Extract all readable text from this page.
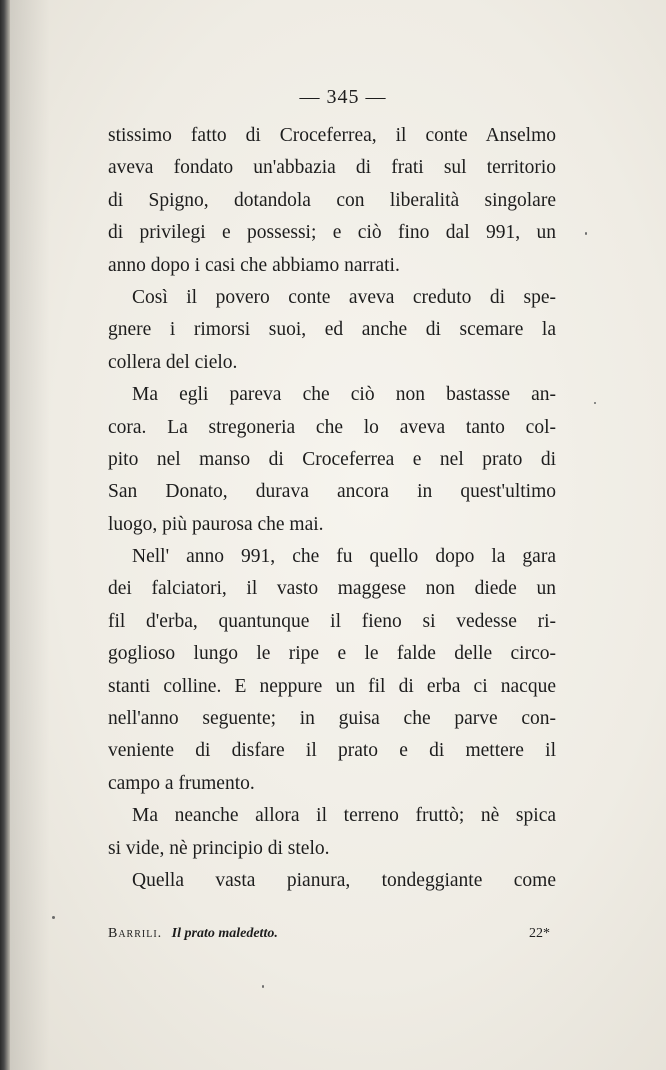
— 345 —
stissimo fatto di Croceferrea, il conte Anselmo
aveva fondato un'abbazia di frati sul territorio
di Spigno, dotandola con liberalità singolare
di privilegi e possessi; e ciò fino dal 991, un
anno dopo i casi che abbiamo narrati.
Così il povero conte aveva creduto di spe-
gnere i rimorsi suoi, ed anche di scemare la
collera del cielo.
Ma egli pareva che ciò non bastasse an-
cora. La stregoneria che lo aveva tanto col-
pito nel manso di Croceferrea e nel prato di
San Donato, durava ancora in quest'ultimo
luogo, più paurosa che mai.
Nell' anno 991, che fu quello dopo la gara
dei falciatori, il vasto maggese non diede un
fil d'erba, quantunque il fieno si vedesse ri-
goglioso lungo le ripe e le falde delle circo-
stanti colline. E neppure un fil di erba ci nacque
nell'anno seguente; in guisa che parve con-
veniente di disfare il prato e di mettere il
campo a frumento.
Ma neanche allora il terreno fruttò; nè spica
si vide, nè principio di stelo.
Quella vasta pianura, tondeggiante come
Barrili. Il prato maledetto.	22*
